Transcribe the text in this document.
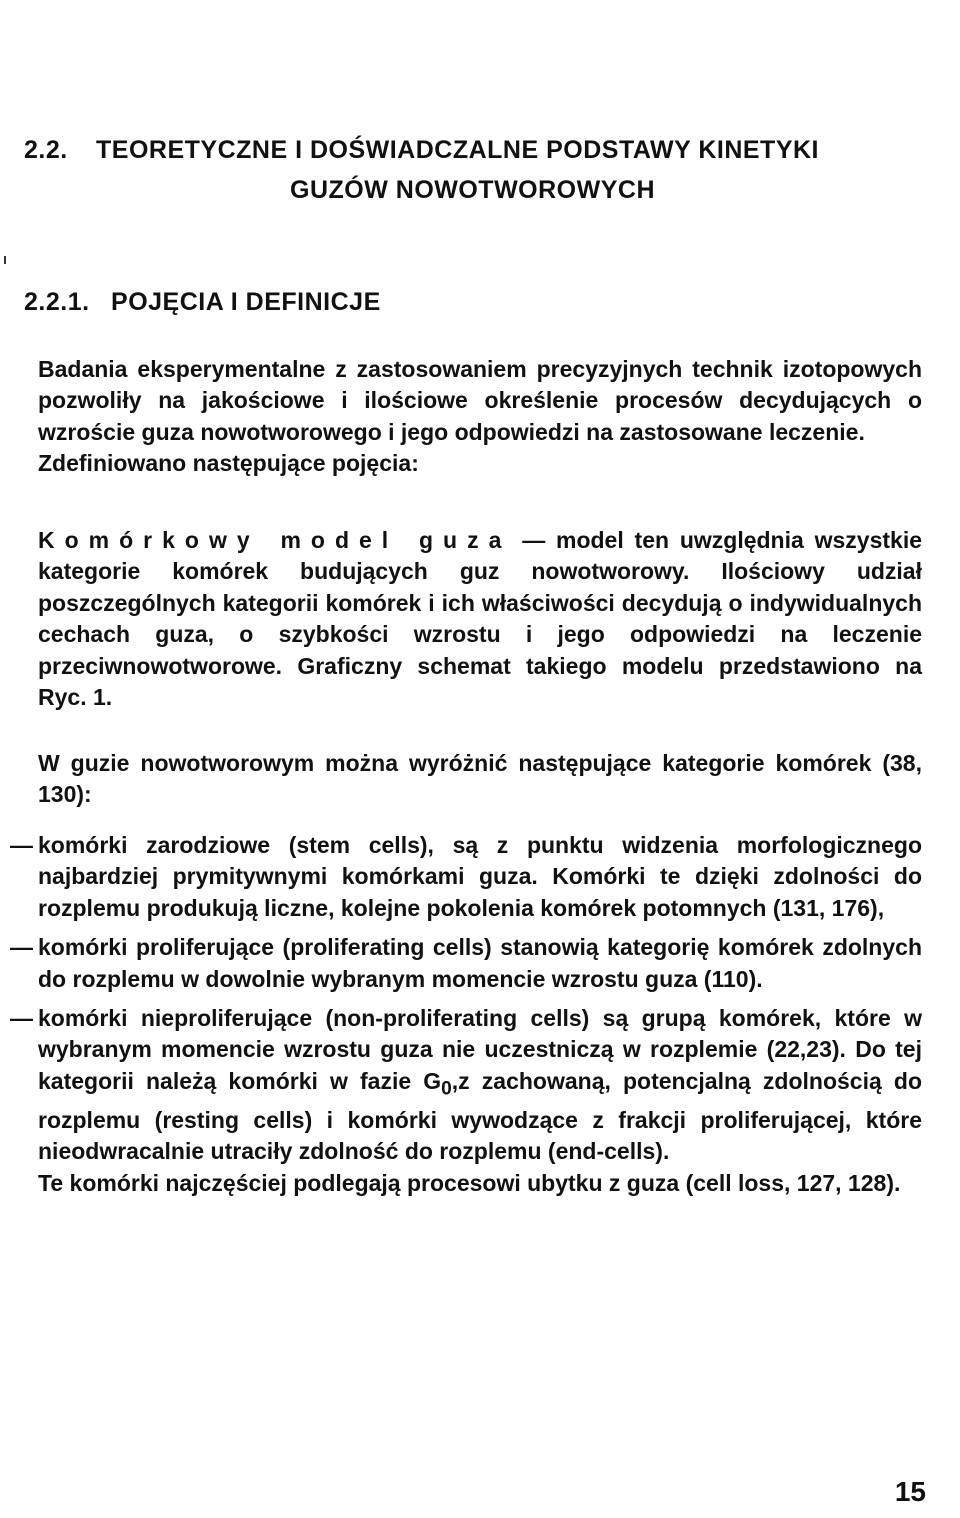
2.2. TEORETYCZNE I DOŚWIADCZALNE PODSTAWY KINETYKI
GUZÓW NOWOTWOROWYCH
2.2.1. POJĘCIA I DEFINICJE
Badania eksperymentalne z zastosowaniem precyzyjnych technik izotopowych pozwoliły na jakościowe i ilościowe określenie procesów decydujących o wzroście guza nowotworowego i jego odpowiedzi na zastosowane leczenie.
Zdefiniowano następujące pojęcia:
Komórkowy model guza — model ten uwzględnia wszystkie kategorie komórek budujących guz nowotworowy. Ilościowy udział poszczególnych kategorii komórek i ich właściwości decydują o indywidualnych cechach guza, o szybkości wzrostu i jego odpowiedzi na leczenie przeciwnowotworowe. Graficzny schemat takiego modelu przedstawiono na Ryc. 1.
W guzie nowotworowym można wyróżnić następujące kategorie komórek (38, 130):
— komórki zarodziowe (stem cells), są z punktu widzenia morfologicznego najbardziej prymitywnymi komórkami guza. Komórki te dzięki zdolności do rozplemu produkują liczne, kolejne pokolenia komórek potomnych (131, 176),
— komórki proliferujące (proliferating cells) stanowią kategorię komórek zdolnych do rozplemu w dowolnie wybranym momencie wzrostu guza (110).
— komórki nieproliferujące (non-proliferating cells) są grupą komórek, które w wybranym momencie wzrostu guza nie uczestniczą w rozplemie (22,23). Do tej kategorii należą komórki w fazie $G_0,z$ zachowaną, potencjalną zdolnością do rozplemu (resting cells) i komórki wywodzące z frakcji proliferującej, które nieodwracalnie utraciły zdolność do rozplemu (end-cells).
Te komórki najczęściej podlegają procesowi ubytku z guza (cell loss, 127, 128).
15
